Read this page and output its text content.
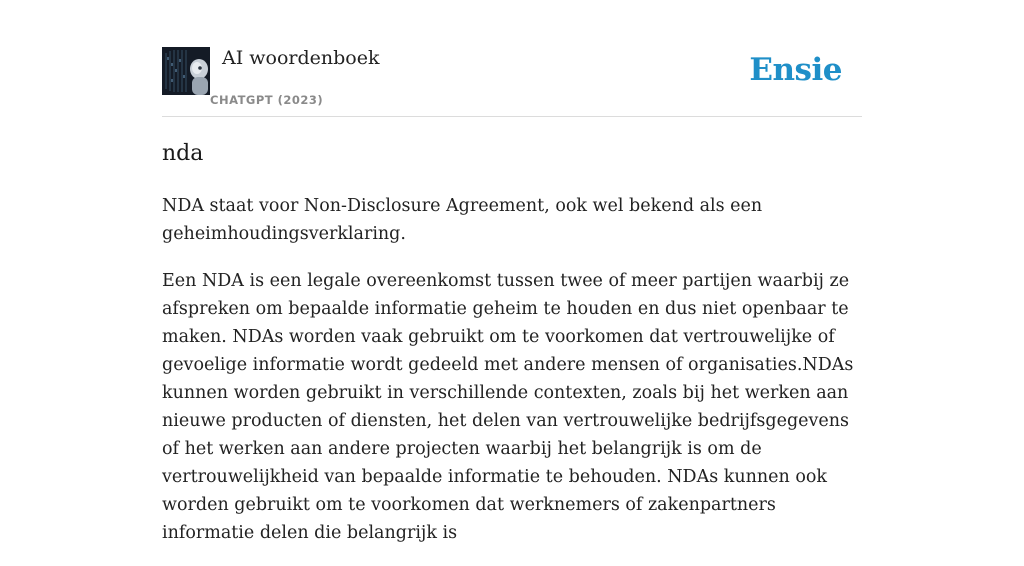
AI woordenboek
CHATGPT (2023)
Ensie
nda

NDA staat voor Non-Disclosure Agreement, ook wel bekend als een geheimhoudingsverklaring.

Een NDA is een legale overeenkomst tussen twee of meer partijen waarbij ze afspreken om bepaalde informatie geheim te houden en dus niet openbaar te maken. NDAs worden vaak gebruikt om te voorkomen dat vertrouwelijke of gevoelige informatie wordt gedeeld met andere mensen of organisaties.NDAs kunnen worden gebruikt in verschillende contexten, zoals bij het werken aan nieuwe producten of diensten, het delen van vertrouwelijke bedrijfsgegevens of het werken aan andere projecten waarbij het belangrijk is om de vertrouwelijkheid van bepaalde informatie te behouden. NDAs kunnen ook worden gebruikt om te voorkomen dat werknemers of zakenpartners informatie delen die belangrijk is
